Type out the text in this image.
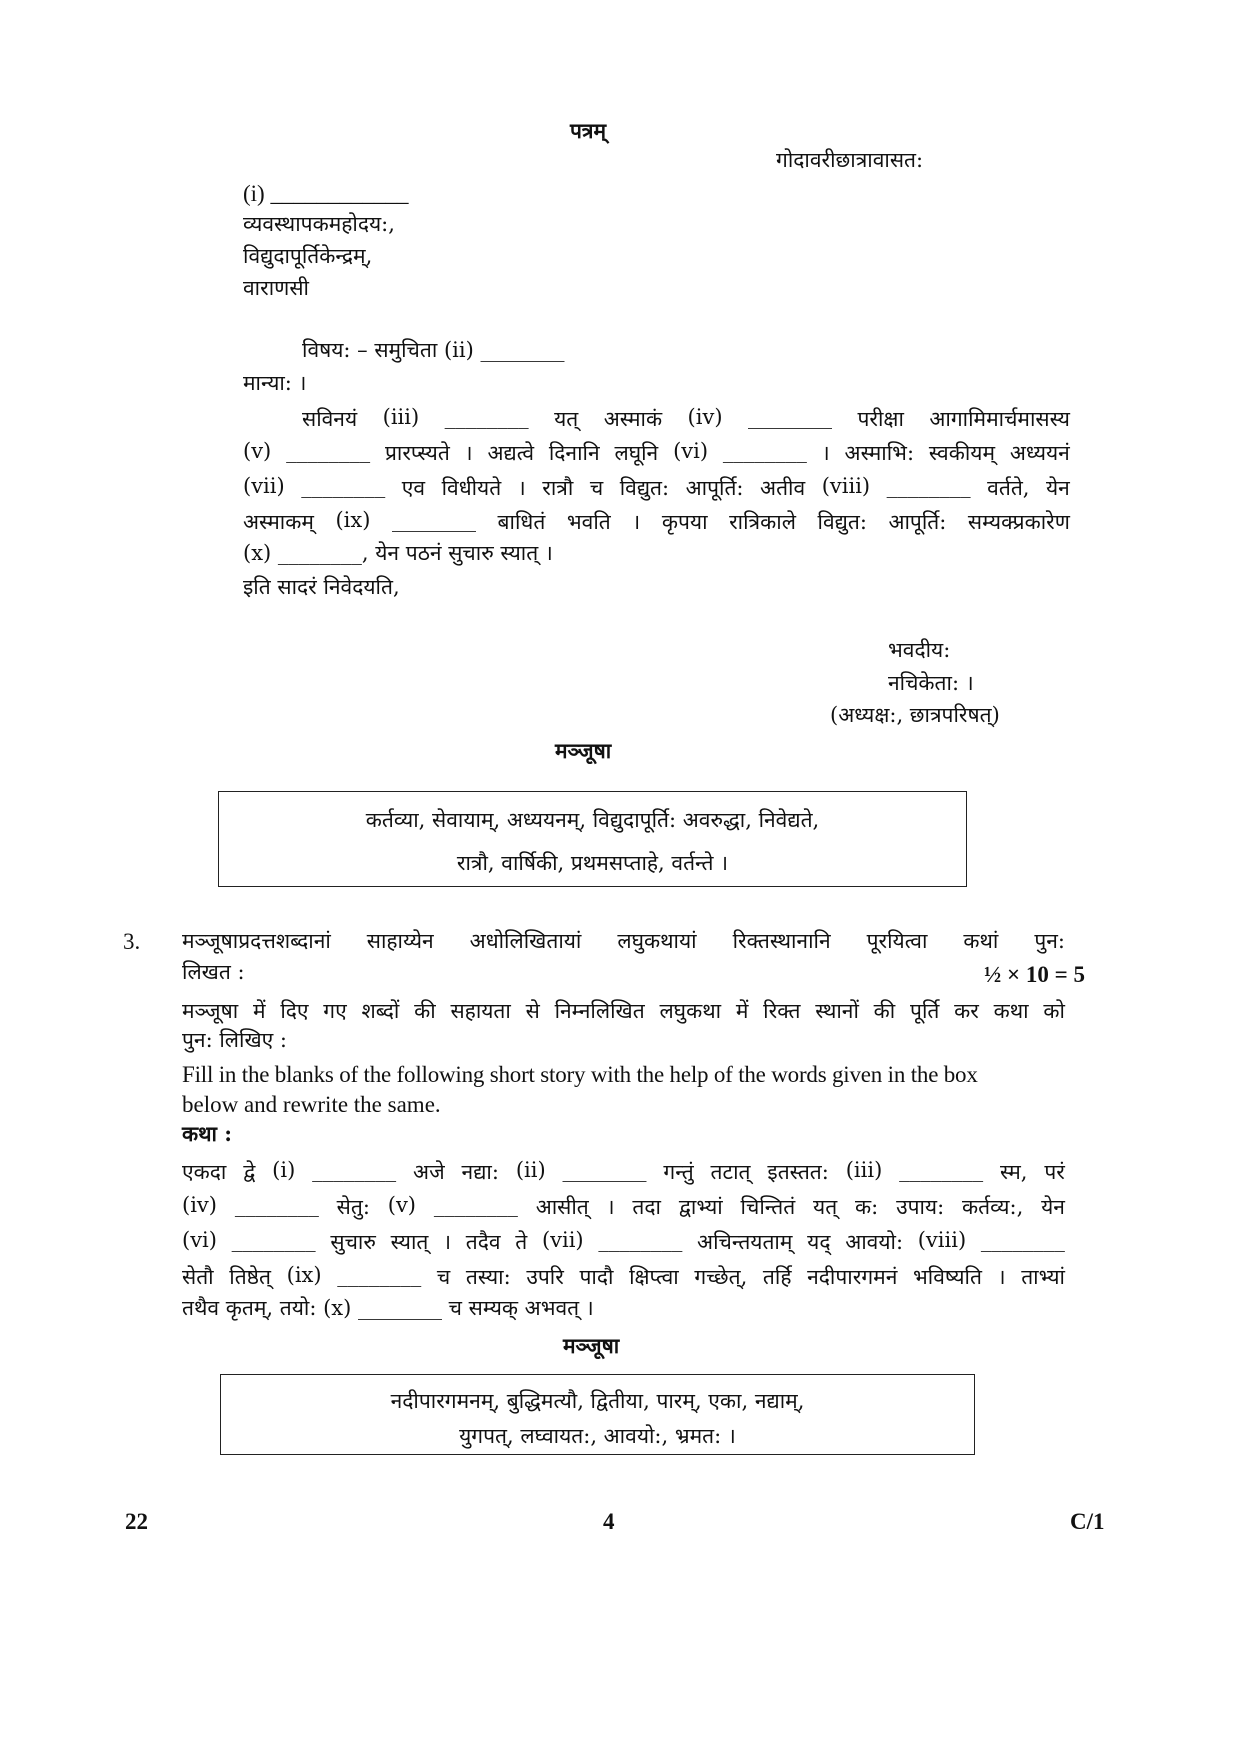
पत्रम्
गोदावरीछात्रावासत:
(i) ____________
व्यवस्थापकमहोदय:,
विद्युदापूर्तिकेन्द्रम्,
वाराणसी
विषय: – समुचिता (ii) ________
मान्या: ।
सविनयं (iii) ________ यत् अस्माकं (iv) ________ परीक्षा आगामिमार्चमासस्य
(v) ________ प्रारप्स्यते । अद्यत्वे दिनानि लघूनि (vi) ________ । अस्माभि: स्वकीयम् अध्ययनं
(vii) ________ एव विधीयते । रात्रौ च विद्युत: आपूर्ति: अतीव (viii) ________ वर्तते, येन
अस्माकम् (ix) ________ बाधितं भवति । कृपया रात्रिकाले विद्युत: आपूर्ति: सम्यक्प्रकारेण
(x) ________, येन पठनं सुचारु स्यात् ।
इति सादरं निवेदयति,
भवदीय:
नचिकेता: ।
(अध्यक्ष:, छात्रपरिषत्)
मञ्जूषा
कर्तव्या, सेवायाम्, अध्ययनम्, विद्युदापूर्ति: अवरुद्धा, निवेद्यते,
रात्रौ, वार्षिकी, प्रथमसप्ताहे, वर्तन्ते ।
3. मञ्जूषाप्रदत्तशब्दानां साहाय्येन अधोलिखितायां लघुकथायां रिक्तस्थानानि पूरयित्वा कथां पुन:
लिखत :	½ × 10 = 5
मञ्जूषा में दिए गए शब्दों की सहायता से निम्नलिखित लघुकथा में रिक्त स्थानों की पूर्ति कर कथा को
पुन: लिखिए :
Fill in the blanks of the following short story with the help of the words given in the box
below and rewrite the same.
कथा :
एकदा द्वे (i) ________ अजे नद्या: (ii) ________ गन्तुं तटात् इतस्तत: (iii) ________ स्म, परं
(iv) ________ सेतु: (v) ________ आसीत् । तदा द्वाभ्यां चिन्तितं यत् क: उपाय: कर्तव्य:, येन
(vi) ________ सुचारु स्यात् । तदैव ते (vii) ________ अचिन्तयताम् यद् आवयो: (viii) ________
सेतौ तिष्ठेत् (ix) ________ च तस्या: उपरि पादौ क्षिप्त्वा गच्छेत्, तर्हि नदीपारगमनं भविष्यति । ताभ्यां
तथैव कृतम्, तयो: (x) ________ च सम्यक् अभवत् ।
मञ्जूषा
नदीपारगमनम्, बुद्धिमत्यौ, द्वितीया, पारम्, एका, नद्याम्,
युगपत्, लघ्वायत:, आवयो:, भ्रमत: ।
22	4	C/1
